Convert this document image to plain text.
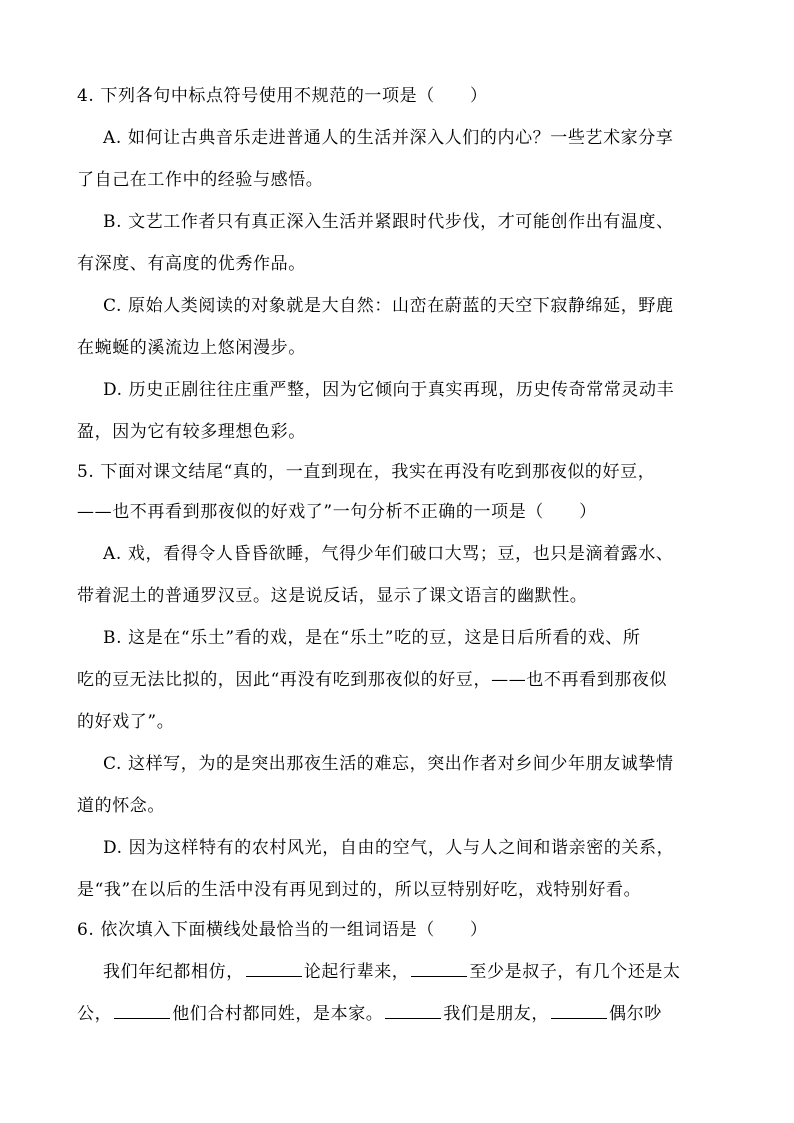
4. 下列各句中标点符号使用不规范的一项是（　　）
A. 如何让古典音乐走进普通人的生活并深入人们的内心？一些艺术家分享
了自己在工作中的经验与感悟。
B. 文艺工作者只有真正深入生活并紧跟时代步伐，才可能创作出有温度、
有深度、有高度的优秀作品。
C. 原始人类阅读的对象就是大自然：山峦在蔚蓝的天空下寂静绵延，野鹿
在蜿蜒的溪流边上悠闲漫步。
D. 历史正剧往往庄重严整，因为它倾向于真实再现，历史传奇常常灵动丰
盈，因为它有较多理想色彩。
5. 下面对课文结尾“真的，一直到现在，我实在再没有吃到那夜似的好豆，
——也不再看到那夜似的好戏了”一句分析不正确的一项是（　　）
A. 戏，看得令人昏昏欲睡，气得少年们破口大骂；豆，也只是滴着露水、
带着泥土的普通罗汉豆。这是说反话，显示了课文语言的幽默性。
B. 这是在“乐土”看的戏，是在“乐土”吃的豆，这是日后所看的戏、所
吃的豆无法比拟的，因此“再没有吃到那夜似的好豆，——也不再看到那夜似
的好戏了”。
C. 这样写，为的是突出那夜生活的难忘，突出作者对乡间少年朋友诚挚情
道的怀念。
D. 因为这样特有的农村风光，自由的空气，人与人之间和谐亲密的关系，
是“我”在以后的生活中没有再见到过的，所以豆特别好吃，戏特别好看。
6. 依次填入下面横线处最恰当的一组词语是（　　）
我们年纪都相仿，	论起行辈来，	至少是叔子，有几个还是太
公，	他们合村都同姓，是本家。	我们是朋友，	偶尔吵
